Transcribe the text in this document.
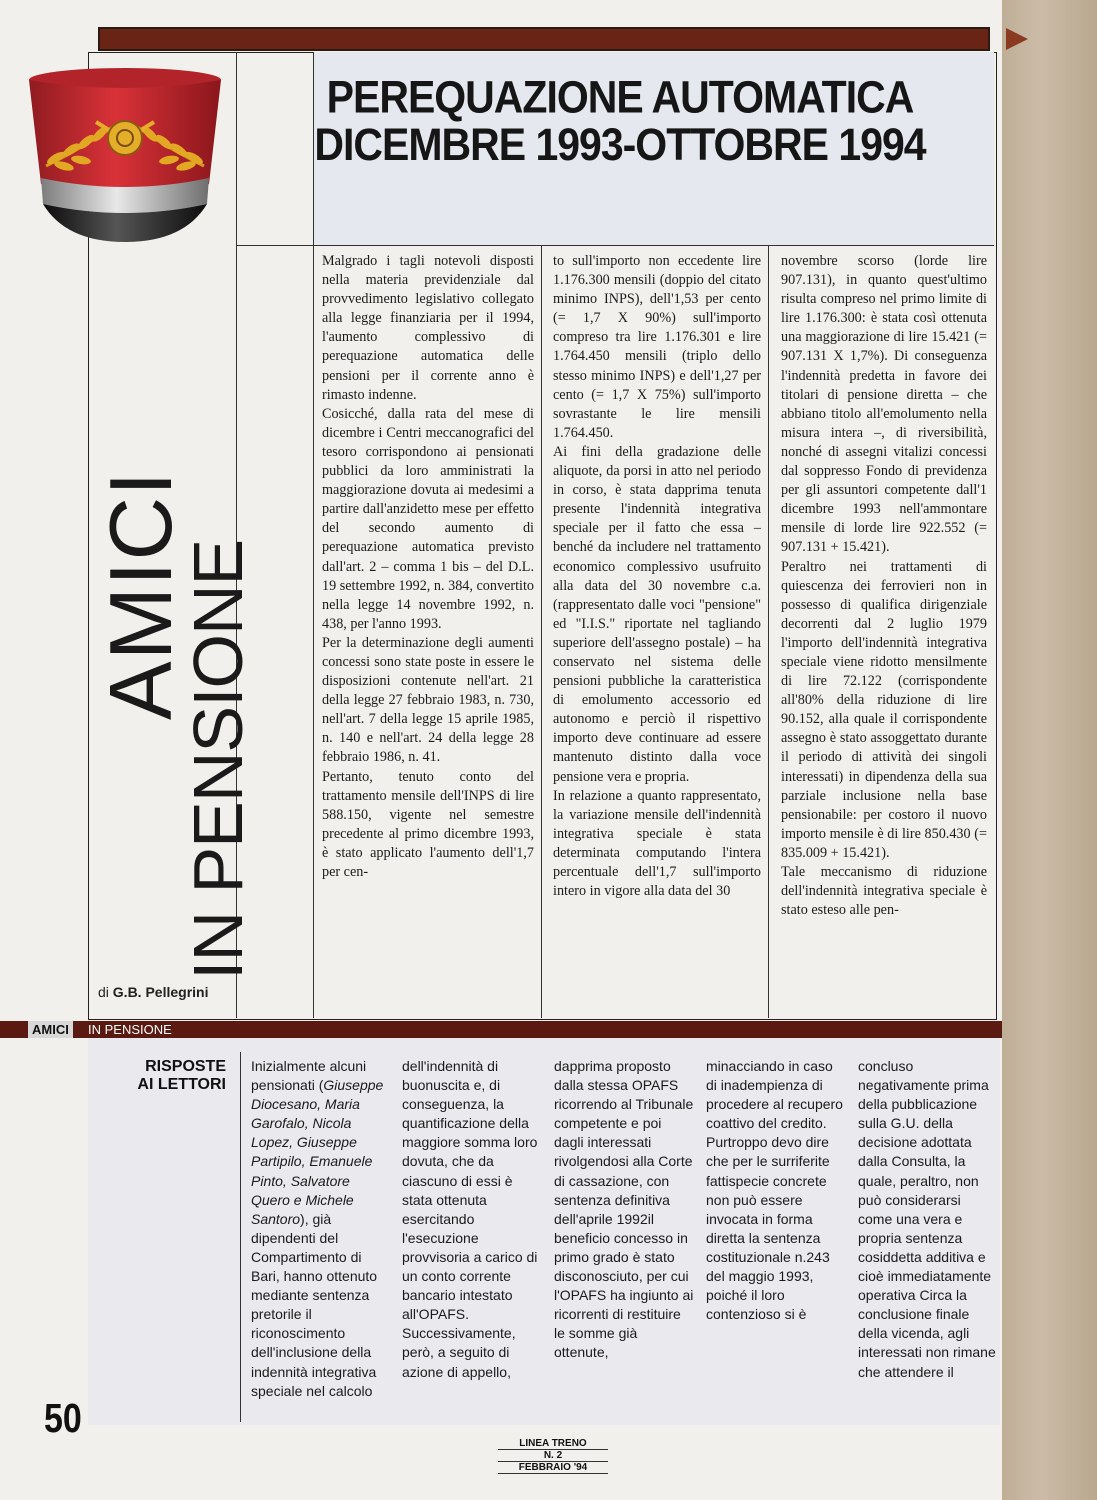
PEREQUAZIONE AUTOMATICA
DICEMBRE 1993-OTTOBRE 1994
AMICI
IN PENSIONE
di G.B. Pellegrini

Malgrado i tagli notevoli disposti nella materia previdenziale dal provvedimento legislativo collegato alla legge finanziaria per il 1994, l'aumento complessivo di perequazione automatica delle pensioni per il corrente anno è rimasto indenne.

Cosicché, dalla rata del mese di dicembre i Centri meccanografici del tesoro corrispondono ai pensionati pubblici da loro amministrati la maggiorazione dovuta ai medesimi a partire dall'anzidetto mese per effetto del secondo aumento di perequazione automatica previsto dall'art. 2 – comma 1 bis – del D.L. 19 settembre 1992, n. 384, convertito nella legge 14 novembre 1992, n. 438, per l'anno 1993.

Per la determinazione degli aumenti concessi sono state poste in essere le disposizioni contenute nell'art. 21 della legge 27 febbraio 1983, n. 730, nell'art. 7 della legge 15 aprile 1985, n. 140 e nell'art. 24 della legge 28 febbraio 1986, n. 41.

Pertanto, tenuto conto del trattamento mensile dell'INPS di lire 588.150, vigente nel semestre precedente al primo dicembre 1993, è stato applicato l'aumento dell'1,7 per cen-

to sull'importo non eccedente lire 1.176.300 mensili (doppio del citato minimo INPS), dell'1,53 per cento (= 1,7 X 90%) sull'importo compreso tra lire 1.176.301 e lire 1.764.450 mensili (triplo dello stesso minimo INPS) e dell'1,27 per cento (= 1,7 X 75%) sull'importo sovrastante le lire mensili 1.764.450.

Ai fini della gradazione delle aliquote, da porsi in atto nel periodo in corso, è stata dapprima tenuta presente l'indennità integrativa speciale per il fatto che essa – benché da includere nel trattamento economico complessivo usufruito alla data del 30 novembre c.a. (rappresentato dalle voci "pensione" ed "I.I.S." riportate nel tagliando superiore dell'assegno postale) – ha conservato nel sistema delle pensioni pubbliche la caratteristica di emolumento accessorio ed autonomo e perciò il rispettivo importo deve continuare ad essere mantenuto distinto dalla voce pensione vera e propria.

In relazione a quanto rappresentato, la variazione mensile dell'indennità integrativa speciale è stata determinata computando l'intera percentuale dell'1,7 sull'importo intero in vigore alla data del 30

novembre scorso (lorde lire 907.131), in quanto quest'ultimo risulta compreso nel primo limite di lire 1.176.300: è stata così ottenuta una maggiorazione di lire 15.421 (= 907.131 X 1,7%). Di conseguenza l'indennità predetta in favore dei titolari di pensione diretta – che abbiano titolo all'emolumento nella misura intera –, di riversibilità, nonché di assegni vitalizi concessi dal soppresso Fondo di previdenza per gli assuntori competente dall'1 dicembre 1993 nell'ammontare mensile di lorde lire 922.552 (= 907.131 + 15.421).

Peraltro nei trattamenti di quiescenza dei ferrovieri non in possesso di qualifica dirigenziale decorrenti dal 2 luglio 1979 l'importo dell'indennità integrativa speciale viene ridotto mensilmente di lire 72.122 (corrispondente all'80% della riduzione di lire 90.152, alla quale il corrispondente assegno è stato assoggettato durante il periodo di attività dei singoli interessati) in dipendenza della sua parziale inclusione nella base pensionabile: per costoro il nuovo importo mensile è di lire 850.430 (= 835.009 + 15.421).

Tale meccanismo di riduzione dell'indennità integrativa speciale è stato esteso alle pen-

AMICI	IN PENSIONE
RISPOSTE
AI LETTORI
Inizialmente alcuni pensionati (Giuseppe Diocesano, Maria Garofalo, Nicola Lopez, Giuseppe Partipilo, Emanuele Pinto, Salvatore Quero e Michele Santoro), già dipendenti del Compartimento di Bari, hanno ottenuto mediante sentenza pretorile il riconoscimento dell'inclusione della indennità integrativa speciale nel calcolo
dell'indennità di buonuscita e, di conseguenza, la quantificazione della maggiore somma loro dovuta, che da ciascuno di essi è stata ottenuta esercitando l'esecuzione provvisoria a carico di un conto corrente bancario intestato all'OPAFS. Successivamente, però, a seguito di azione di appello,
dapprima proposto dalla stessa OPAFS ricorrendo al Tribunale competente e poi dagli interessati rivolgendosi alla Corte di cassazione, con sentenza definitiva dell'aprile 1992il beneficio concesso in primo grado è stato disconosciuto, per cui l'OPAFS ha ingiunto ai ricorrenti di restituire le somme già ottenute,
minacciando in caso di inadempienza di procedere al recupero coattivo del credito. Purtroppo devo dire che per le surriferite fattispecie concrete non può essere invocata in forma diretta la sentenza costituzionale n.243 del maggio 1993, poiché il loro contenzioso si è
concluso negativamente prima della pubblicazione sulla G.U. della decisione adottata dalla Consulta, la quale, peraltro, non può considerarsi come una vera e propria sentenza cosiddetta additiva e cioè immediatamente operativa Circa la conclusione finale della vicenda, agli interessati non rimane che attendere il
50
LINEA TRENO
N. 2
FEBBRAIO '94
